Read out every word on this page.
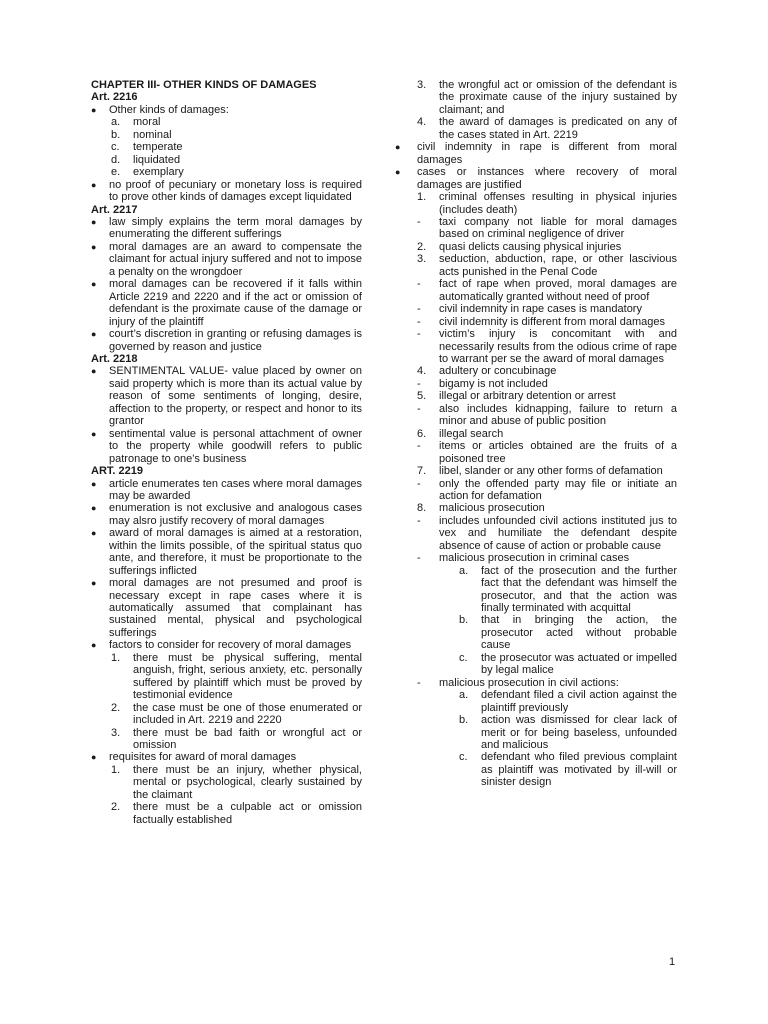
CHAPTER III- OTHER KINDS OF DAMAGES

Art. 2216

●	Other kinds of damages:
a.	moral
b.	nominal
c.	temperate
d.	liquidated
e.	exemplary
●	no proof of pecuniary or monetary loss is required to prove other kinds of damages except liquidated

Art. 2217

●	law simply explains the term moral damages by enumerating the different sufferings
●	moral damages are an award to compensate the claimant for actual injury suffered and not to impose a penalty on the wrongdoer
●	moral damages can be recovered if it falls within Article 2219 and 2220 and if the act or omission of defendant is the proximate cause of the damage or injury of the plaintiff
●	court’s discretion in granting or refusing damages is governed by reason and justice

Art. 2218

●	SENTIMENTAL VALUE- value placed by owner on said property which is more than its actual value by reason of some sentiments of longing, desire, affection to the property, or respect and honor to its grantor
●	sentimental value is personal attachment of owner to the property while goodwill refers to public patronage to one’s business

ART. 2219

●	article enumerates ten cases where moral damages may be awarded
●	enumeration is not exclusive and analogous cases may alsro justify recovery of moral damages
●	award of moral damages is aimed at a restoration, within the limits possible, of the spiritual status quo ante, and therefore, it must be proportionate to the sufferings inflicted
●	moral damages are not presumed and proof is necessary except in rape cases where it is automatically assumed that complainant has sustained mental, physical and psychological sufferings
●	factors to consider for recovery of moral damages
1.	there must be physical suffering, mental anguish, fright, serious anxiety, etc. personally suffered by plaintiff which must be proved by testimonial evidence
2.	the case must be one of those enumerated or included in Art. 2219 and 2220
3.	there must be bad faith or wrongful act or omission
●	requisites for award of moral damages
1.	there must be an injury, whether physical, mental or psychological, clearly sustained by the claimant
2.	there must be a culpable act or omission factually established
3.	the wrongful act or omission of the defendant is the proximate cause of the injury sustained by claimant; and
4.	the award of damages is predicated on any of the cases stated in Art. 2219
●	civil indemnity in rape is different from moral damages
●	cases or instances where recovery of moral damages are justified
1.	criminal offenses resulting in physical injuries (includes death)
-	taxi company not liable for moral damages based on criminal negligence of driver
2.	quasi delicts causing physical injuries
3.	seduction, abduction, rape, or other lascivious acts punished in the Penal Code
-	fact of rape when proved, moral damages are automatically granted without need of proof
-	civil indemnity in rape cases is mandatory
-	civil indemnity is different from moral damages
-	victim’s injury is concomitant with and necessarily results from the odious crime of rape to warrant per se the award of moral damages
4.	adultery or concubinage
-	bigamy is not included
5.	illegal or arbitrary detention or arrest
-	also includes kidnapping, failure to return a minor and abuse of public position
6.	illegal search
-	items or articles obtained are the fruits of a poisoned tree
7.	libel, slander or any other forms of defamation
-	only the offended party may file or initiate an action for defamation
8.	malicious prosecution
-	includes unfounded civil actions instituted jus to vex and humiliate the defendant despite absence of cause of action or probable cause
-	malicious prosecution in criminal cases
a.	fact of the prosecution and the further fact that the defendant was himself the prosecutor, and that the action was finally terminated with acquittal
b.	that in bringing the action, the prosecutor acted without probable cause
c.	the prosecutor was actuated or impelled by legal malice
-	malicious prosecution in civil actions:
a.	defendant filed a civil action against the plaintiff previously
b.	action was dismissed for clear lack of merit or for being baseless, unfounded and malicious
c.	defendant who filed previous complaint as plaintiff was motivated by ill-will or sinister design
1
